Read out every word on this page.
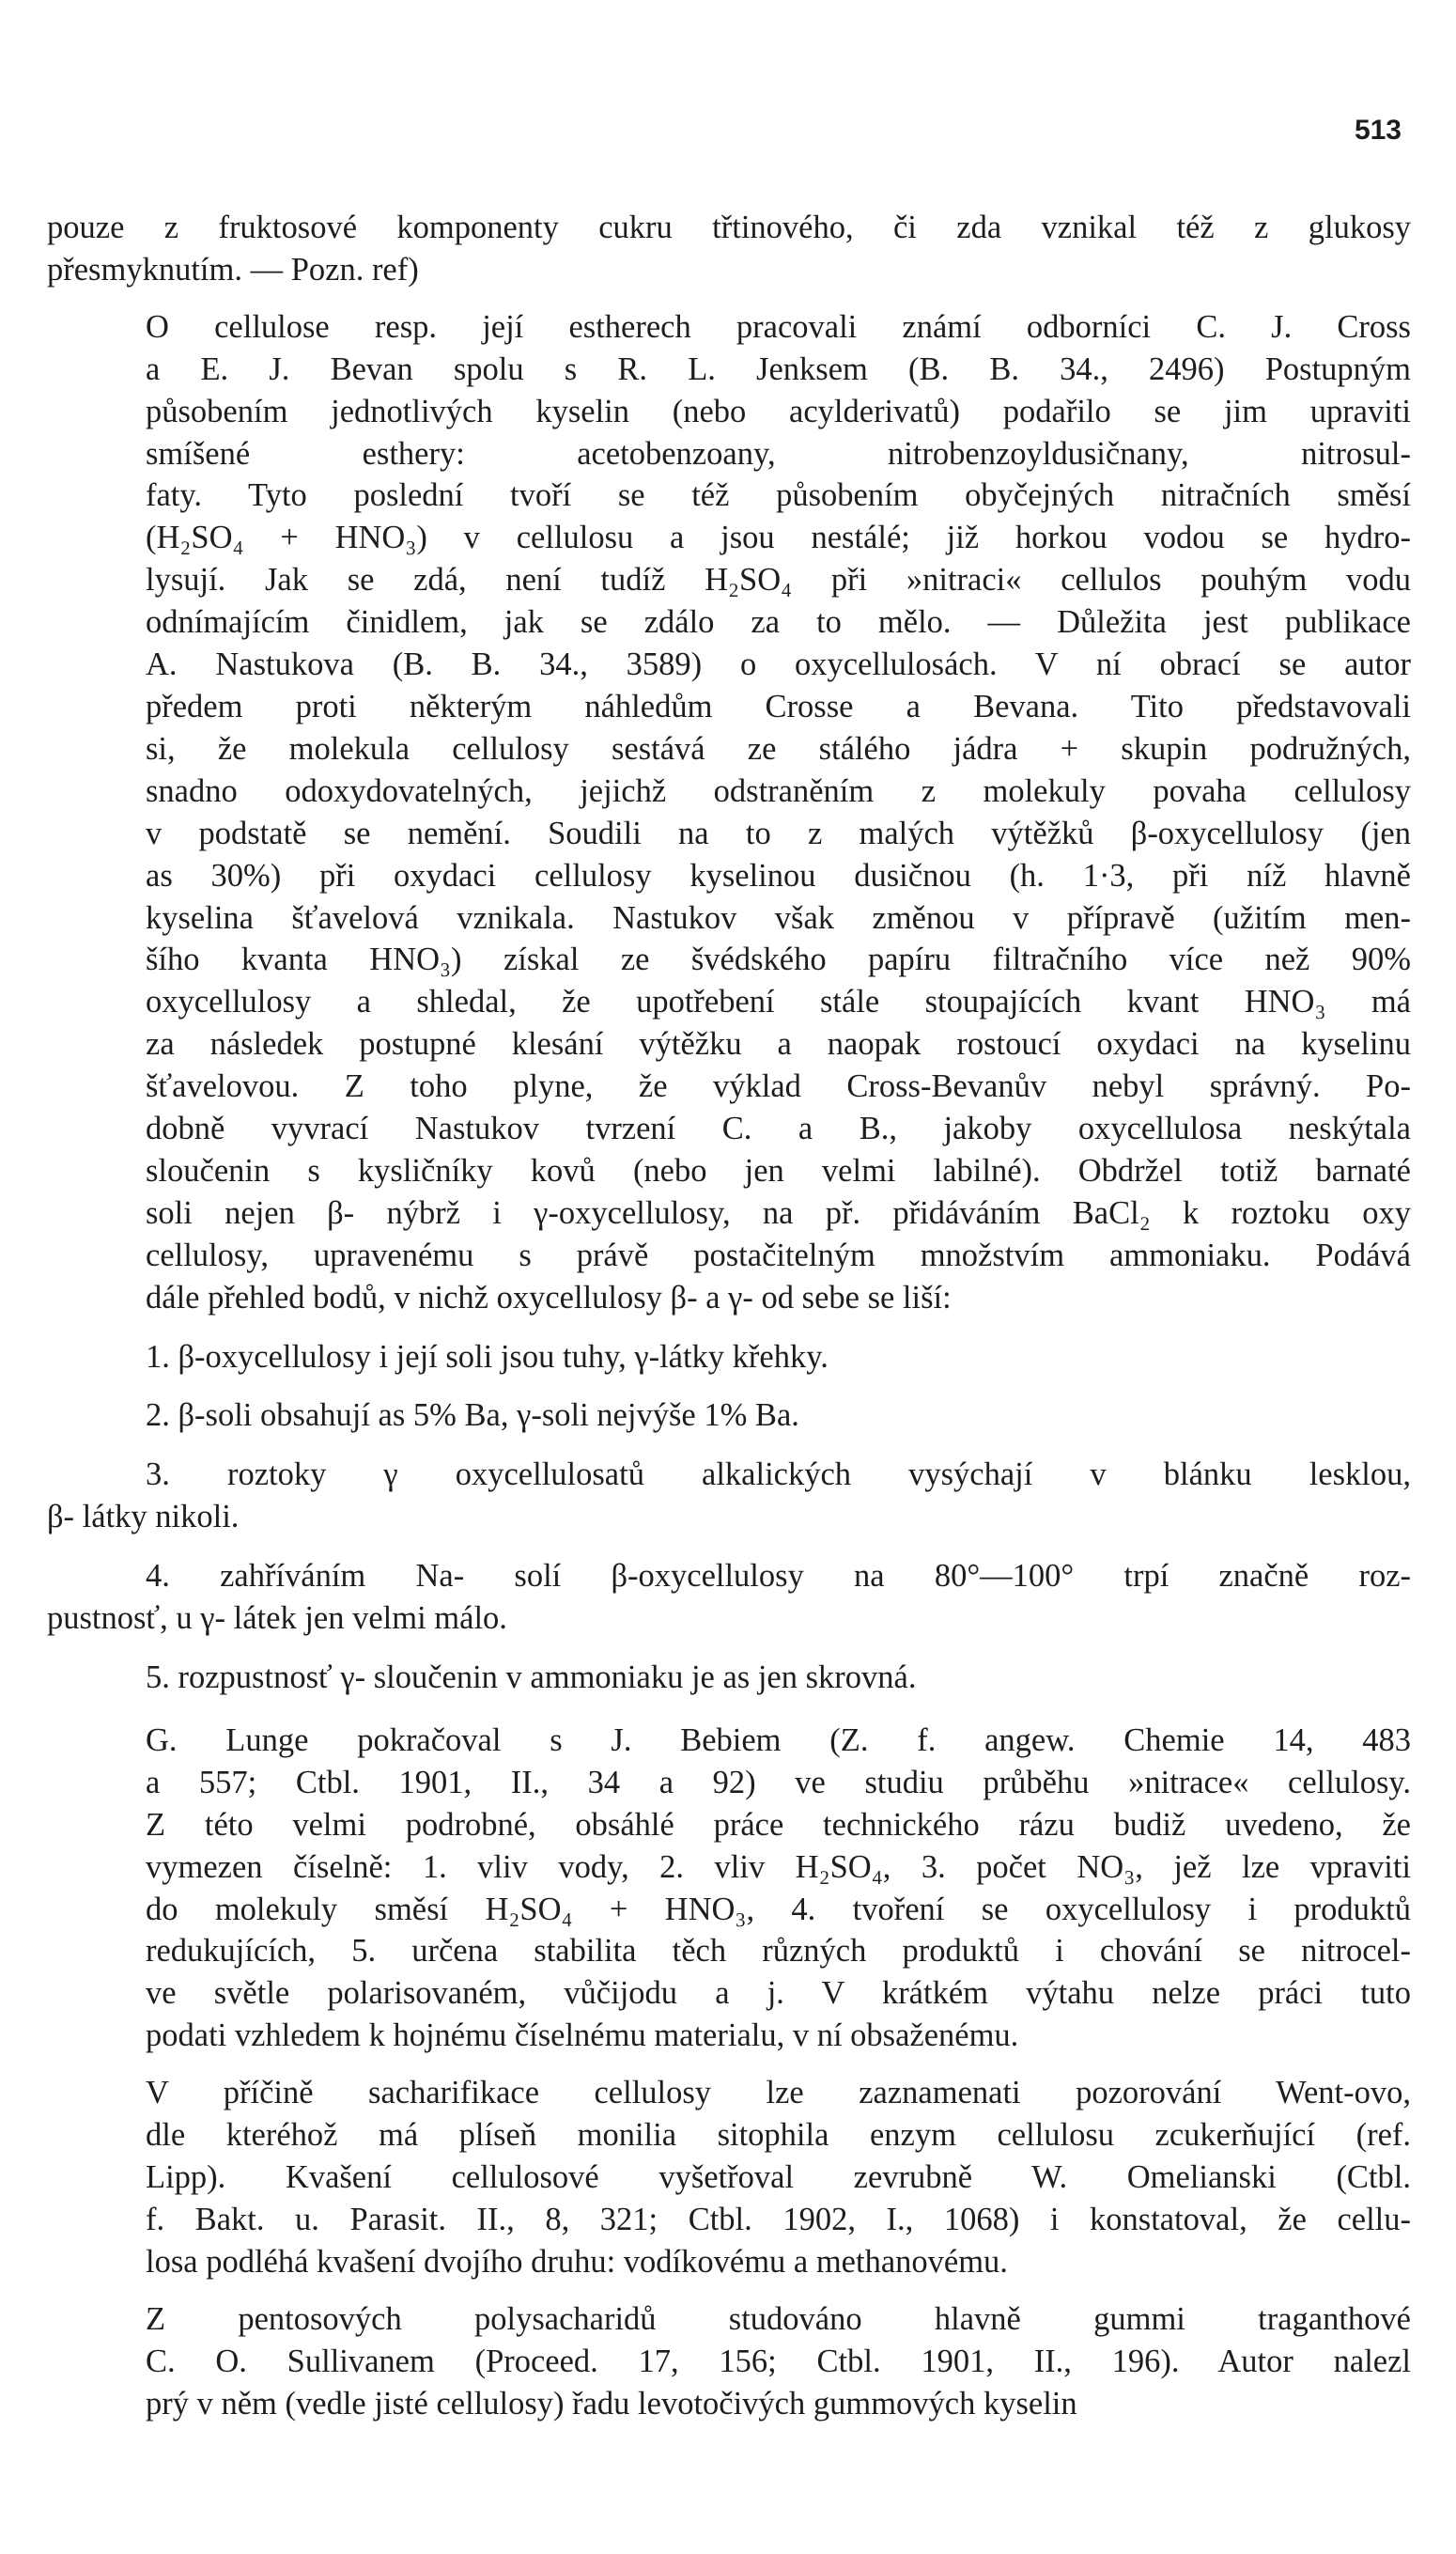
513

pouze z fruktosové komponenty cukru třtinového, či zda vznikal též z glukosy
přesmyknutím. — Pozn. ref)

O cellulose resp. její estherech pracovali známí odborníci C. J. Cross
a E. J. Bevan spolu s R. L. Jenksem (B. B. 34., 2496) Postupným
působením jednotlivých kyselin (nebo acylderivatů) podařilo se jim upraviti
smíšené esthery: acetobenzoany, nitrobenzoyldusičnany, nitrosul-
faty. Tyto poslední tvoří se též působením obyčejných nitračních směsí
(H₂SO₄ + HNO₃) v cellulosu a jsou nestálé; již horkou vodou se hydro-
lysují. Jak se zdá, není tudíž H₂SO₄ při »nitraci« cellulos pouhým vodu
odnímajícím činidlem, jak se zdálo za to mělo. — Důležita jest publikace
A. Nastukova (B. B. 34., 3589) o oxycellulosách. V ní obrací se autor
předem proti některým náhledům Crosse a Bevana. Tito představovali
si, že molekula cellulosy sestává ze stálého jádra + skupin podružných,
snadno odoxydovatelných, jejichž odstraněním z molekuly povaha cellulosy
v podstatě se nemění. Soudili na to z malých výtěžků β-oxycellulosy (jen
as 30%) při oxydaci cellulosy kyselinou dusičnou (h. 1·3, při níž hlavně
kyselina šťavelová vznikala. Nastukov však změnou v přípravě (užitím men-
šího kvanta HNO₃) získal ze švédského papíru filtračního více než 90%
oxycellulosy a shledal, že upotřebení stále stoupajících kvant HNO₃ má
za následek postupné klesání výtěžku a naopak rostoucí oxydaci na kyselinu
šťavelovou. Z toho plyne, že výklad Cross-Bevanův nebyl správný. Po-
dobně vyvrací Nastukov tvrzení C. a B., jakoby oxycellulosa neskýtala
sloučenin s kysličníky kovů (nebo jen velmi labilné). Obdržel totiž barnaté
soli nejen β- nýbrž i γ-oxycellulosy, na př. přidáváním BaCl₂ k roztoku oxy
cellulosy, upravenému s právě postačitelným množstvím ammoniaku. Podává
dále přehled bodů, v nichž oxycellulosy β- a γ- od sebe se liší:

1. β-oxycellulosy i její soli jsou tuhy, γ-látky křehky.
2. β-soli obsahují as 5% Ba, γ-soli nejvýše 1% Ba.
3. roztoky γ oxycellulosatů alkalických vysýchají v blánku lesklou,
β- látky nikoli.
4. zahříváním Na- solí β-oxycellulosy na 80°—100° trpí značně roz-
pustnosť, u γ- látek jen velmi málo.
5. rozpustnosť γ- sloučenin v ammoniaku je as jen skrovná.

G. Lunge pokračoval s J. Bebiem (Z. f. angew. Chemie 14, 483
a 557; Ctbl. 1901, II., 34 a 92) ve studiu průběhu »nitrace« cellulosy.
Z této velmi podrobné, obsáhlé práce technického rázu budiž uvedeno, že
vymezen číselně: 1. vliv vody, 2. vliv H₂SO₄, 3. počet NO₃, jež lze vpraviti
do molekuly směsí H₂SO₄ + HNO₃, 4. tvoření se oxycellulosy i produktů
redukujících, 5. určena stabilita těch různých produktů i chování se nitrocel-
ve světle polarisovaném, vůčijodu a j. V krátkém výtahu nelze práci tuto
podati vzhledem k hojnému číselnému materialu, v ní obsaženému.

V příčině sacharifikace cellulosy lze zaznamenati pozorování Went-ovo,
dle kteréhož má plíseň monilia sitophila enzym cellulosu zcukerňující (ref.
Lipp). Kvašení cellulosové vyšetřoval zevrubně W. Omelianski (Ctbl.
f. Bakt. u. Parasit. II., 8, 321; Ctbl. 1902, I., 1068) i konstatoval, že cellu-
losa podléhá kvašení dvojího druhu: vodíkovému a methanovému.

Z pentosových polysacharidů studováno hlavně gummi traganthové
C. O. Sullivanem (Proceed. 17, 156; Ctbl. 1901, II., 196). Autor nalezl
prý v něm (vedle jisté cellulosy) řadu levotočivých gummových kyselin
